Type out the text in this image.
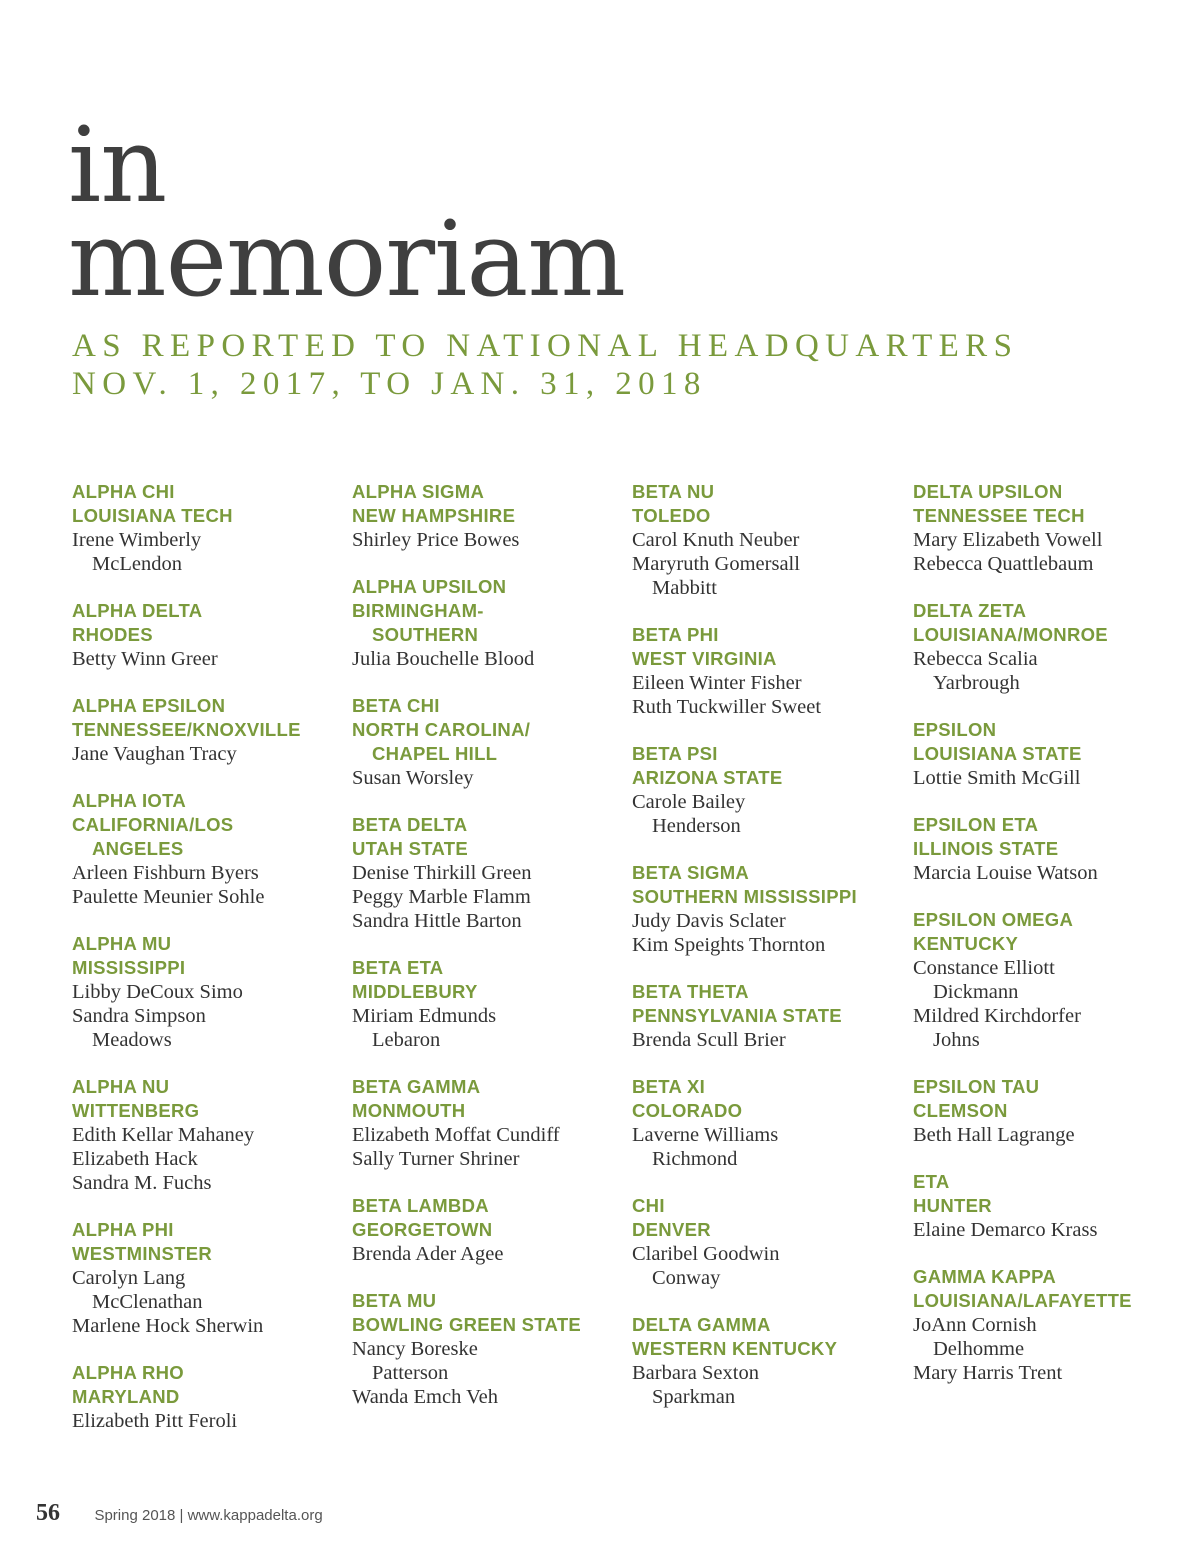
in
memoriam
AS REPORTED TO NATIONAL HEADQUARTERS
NOV. 1, 2017, TO JAN. 31, 2018
ALPHA CHI
LOUISIANA TECH
Irene Wimberly
McLendon
ALPHA DELTA
RHODES
Betty Winn Greer
ALPHA EPSILON
TENNESSEE/KNOXVILLE
Jane Vaughan Tracy
ALPHA IOTA
CALIFORNIA/LOS
ANGELES
Arleen Fishburn Byers
Paulette Meunier Sohle
ALPHA MU
MISSISSIPPI
Libby DeCoux Simo
Sandra Simpson
Meadows
ALPHA NU
WITTENBERG
Edith Kellar Mahaney
Elizabeth Hack
Sandra M. Fuchs
ALPHA PHI
WESTMINSTER
Carolyn Lang
McClenathan
Marlene Hock Sherwin
ALPHA RHO
MARYLAND
Elizabeth Pitt Feroli
ALPHA SIGMA
NEW HAMPSHIRE
Shirley Price Bowes
ALPHA UPSILON
BIRMINGHAM-
SOUTHERN
Julia Bouchelle Blood
BETA CHI
NORTH CAROLINA/
CHAPEL HILL
Susan Worsley
BETA DELTA
UTAH STATE
Denise Thirkill Green
Peggy Marble Flamm
Sandra Hittle Barton
BETA ETA
MIDDLEBURY
Miriam Edmunds
Lebaron
BETA GAMMA
MONMOUTH
Elizabeth Moffat Cundiff
Sally Turner Shriner
BETA LAMBDA
GEORGETOWN
Brenda Ader Agee
BETA MU
BOWLING GREEN STATE
Nancy Boreske
Patterson
Wanda Emch Veh
BETA NU
TOLEDO
Carol Knuth Neuber
Maryruth Gomersall
Mabbitt
BETA PHI
WEST VIRGINIA
Eileen Winter Fisher
Ruth Tuckwiller Sweet
BETA PSI
ARIZONA STATE
Carole Bailey
Henderson
BETA SIGMA
SOUTHERN MISSISSIPPI
Judy Davis Sclater
Kim Speights Thornton
BETA THETA
PENNSYLVANIA STATE
Brenda Scull Brier
BETA XI
COLORADO
Laverne Williams
Richmond
CHI
DENVER
Claribel Goodwin
Conway
DELTA GAMMA
WESTERN KENTUCKY
Barbara Sexton
Sparkman
DELTA UPSILON
TENNESSEE TECH
Mary Elizabeth Vowell
Rebecca Quattlebaum
DELTA ZETA
LOUISIANA/MONROE
Rebecca Scalia
Yarbrough
EPSILON
LOUISIANA STATE
Lottie Smith McGill
EPSILON ETA
ILLINOIS STATE
Marcia Louise Watson
EPSILON OMEGA
KENTUCKY
Constance Elliott
Dickmann
Mildred Kirchdorfer
Johns
EPSILON TAU
CLEMSON
Beth Hall Lagrange
ETA
HUNTER
Elaine Demarco Krass
GAMMA KAPPA
LOUISIANA/LAFAYETTE
JoAnn Cornish
Delhomme
Mary Harris Trent
56 Spring 2018 | www.kappadelta.org
